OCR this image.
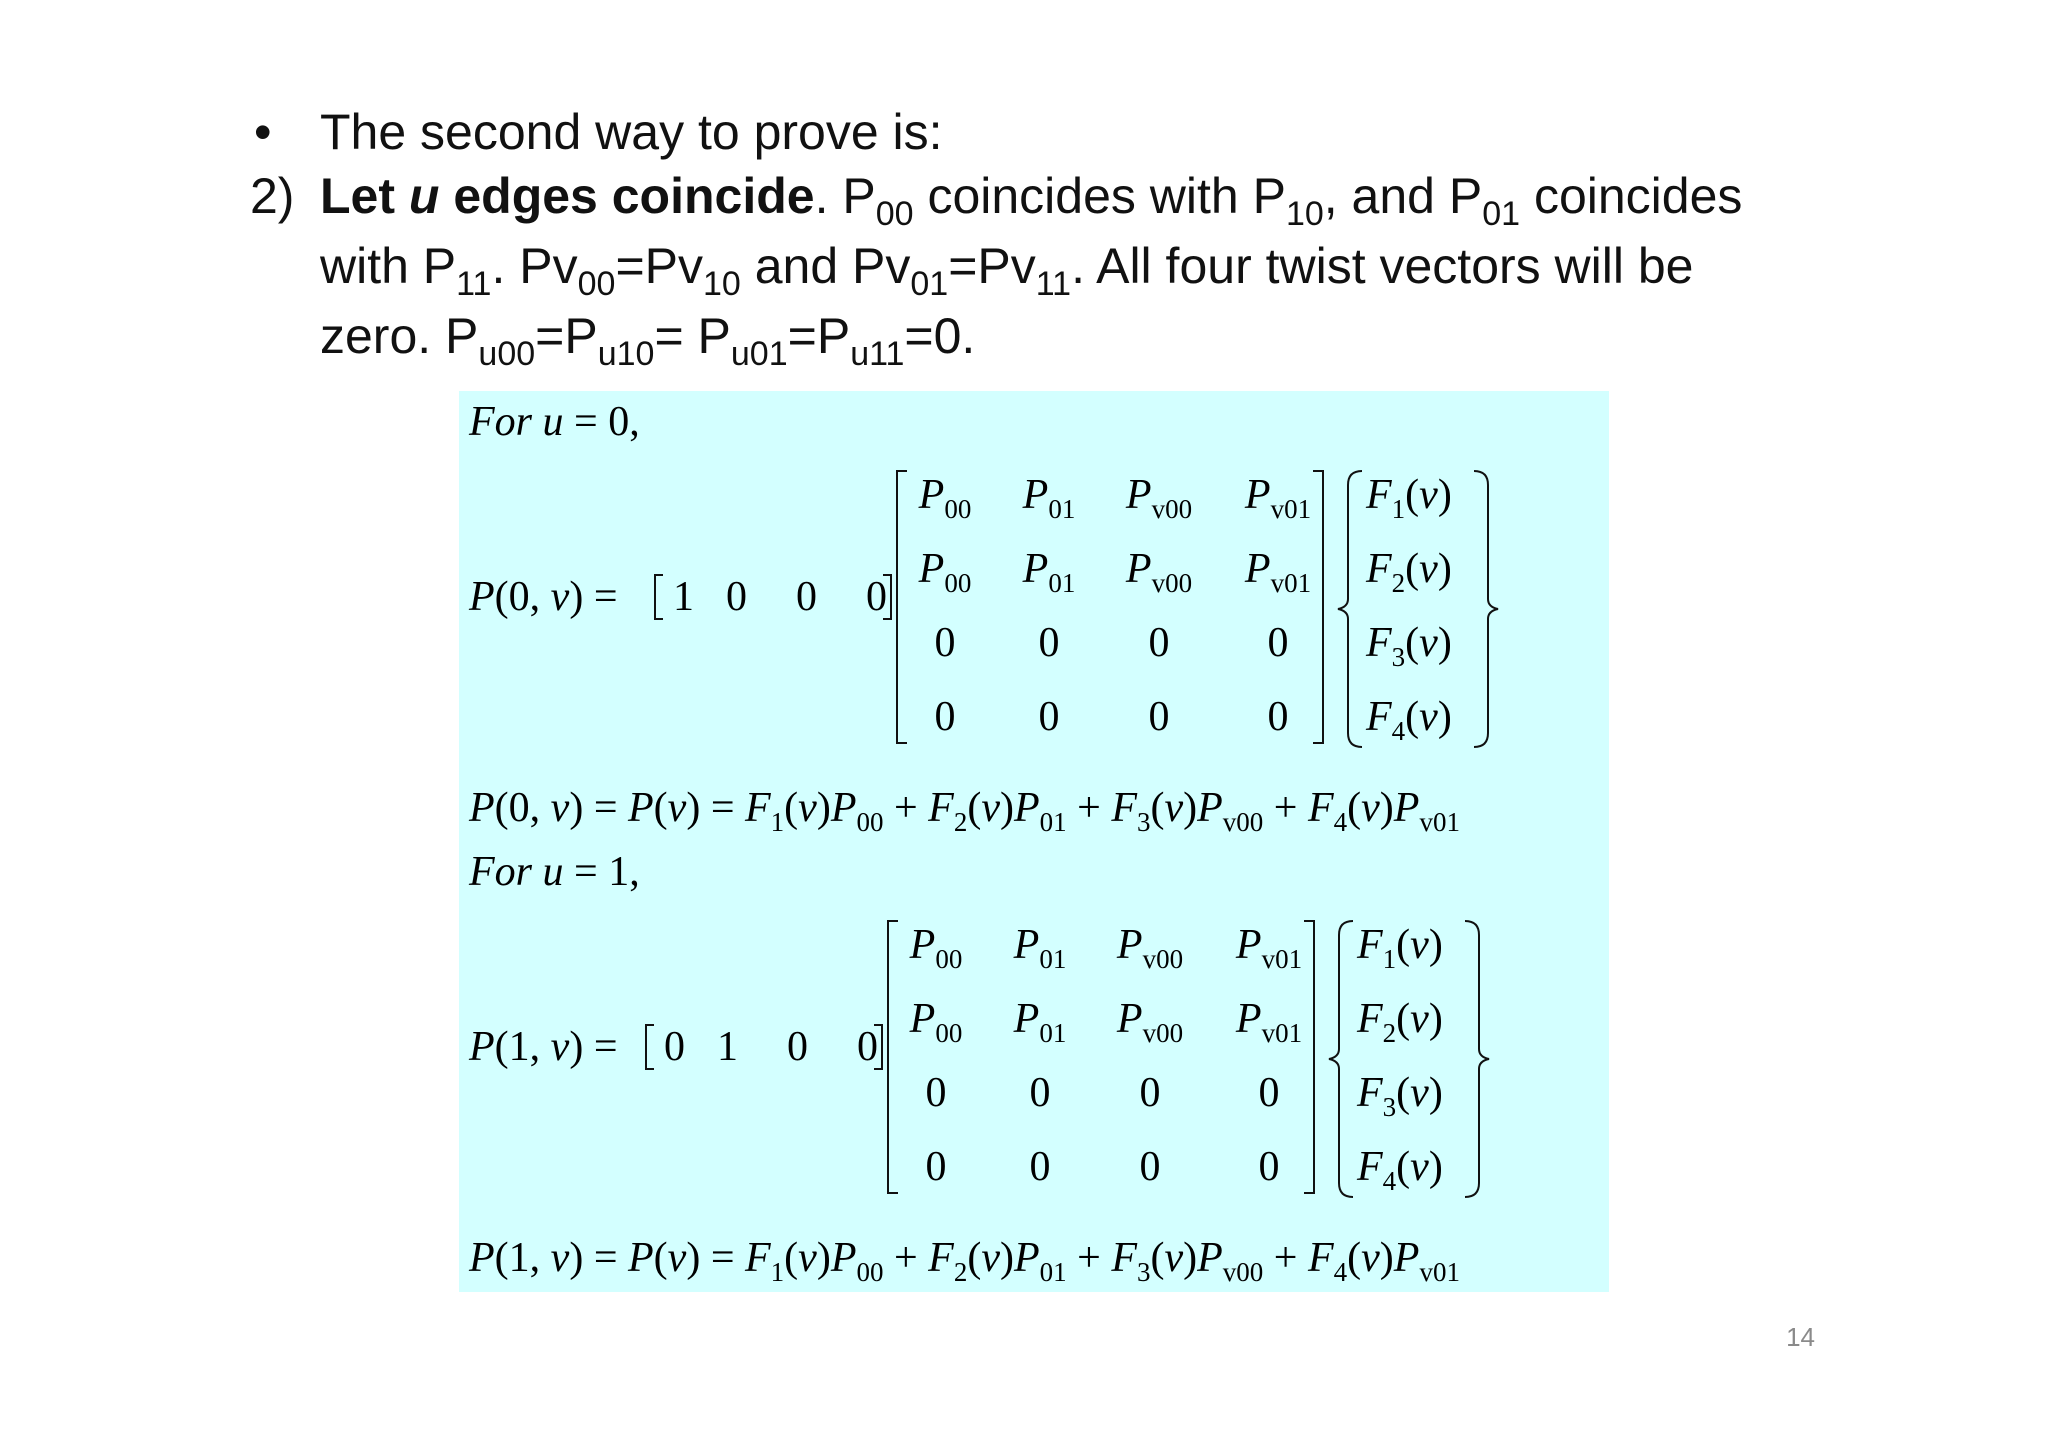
• The second way to prove is:
2) Let u edges coincide. $P_{00}$ coincides with $P_{10}$, and $P_{01}$ coincides
with $P_{11}$. $Pv_{00}=Pv_{10}$ and $Pv_{01}=Pv_{11}$. All four twist vectors will be
zero. $P_{u00}=P_{u10}= P_{u01}=P_{u11}=0$.
For u = 0,
P(0, v) = 1 0 0 0
$P_{00}$ $P_{01}$ $P_{v00}$ $P_{v01}$
$P_{00}$ $P_{01}$ $P_{v00}$ $P_{v01}$
0 0 0 0
0 0 0 0
$F_1(v)$
$F_2(v)$
$F_3(v)$
$F_4(v)$
P(0, $v) = P(v) = F_1(v)P_{00} + F_2(v)P_{01} + F_3(v)P_{v00} + F_4(v)P_{v01}$
For u = 1,
P(1, v) = 0 1 0 0
$P_{00}$ $P_{01}$ $P_{v00}$ $P_{v01}$
$P_{00}$ $P_{01}$ $P_{v00}$ $P_{v01}$
0 0 0 0
0 0 0 0
$F_1(v)$
$F_2(v)$
$F_3(v)$
$F_4(v)$
P(1, $v) = P(v) = F_1(v)P_{00} + F_2(v)P_{01} + F_3(v)P_{v00} + F_4(v)P_{v01}$
14
